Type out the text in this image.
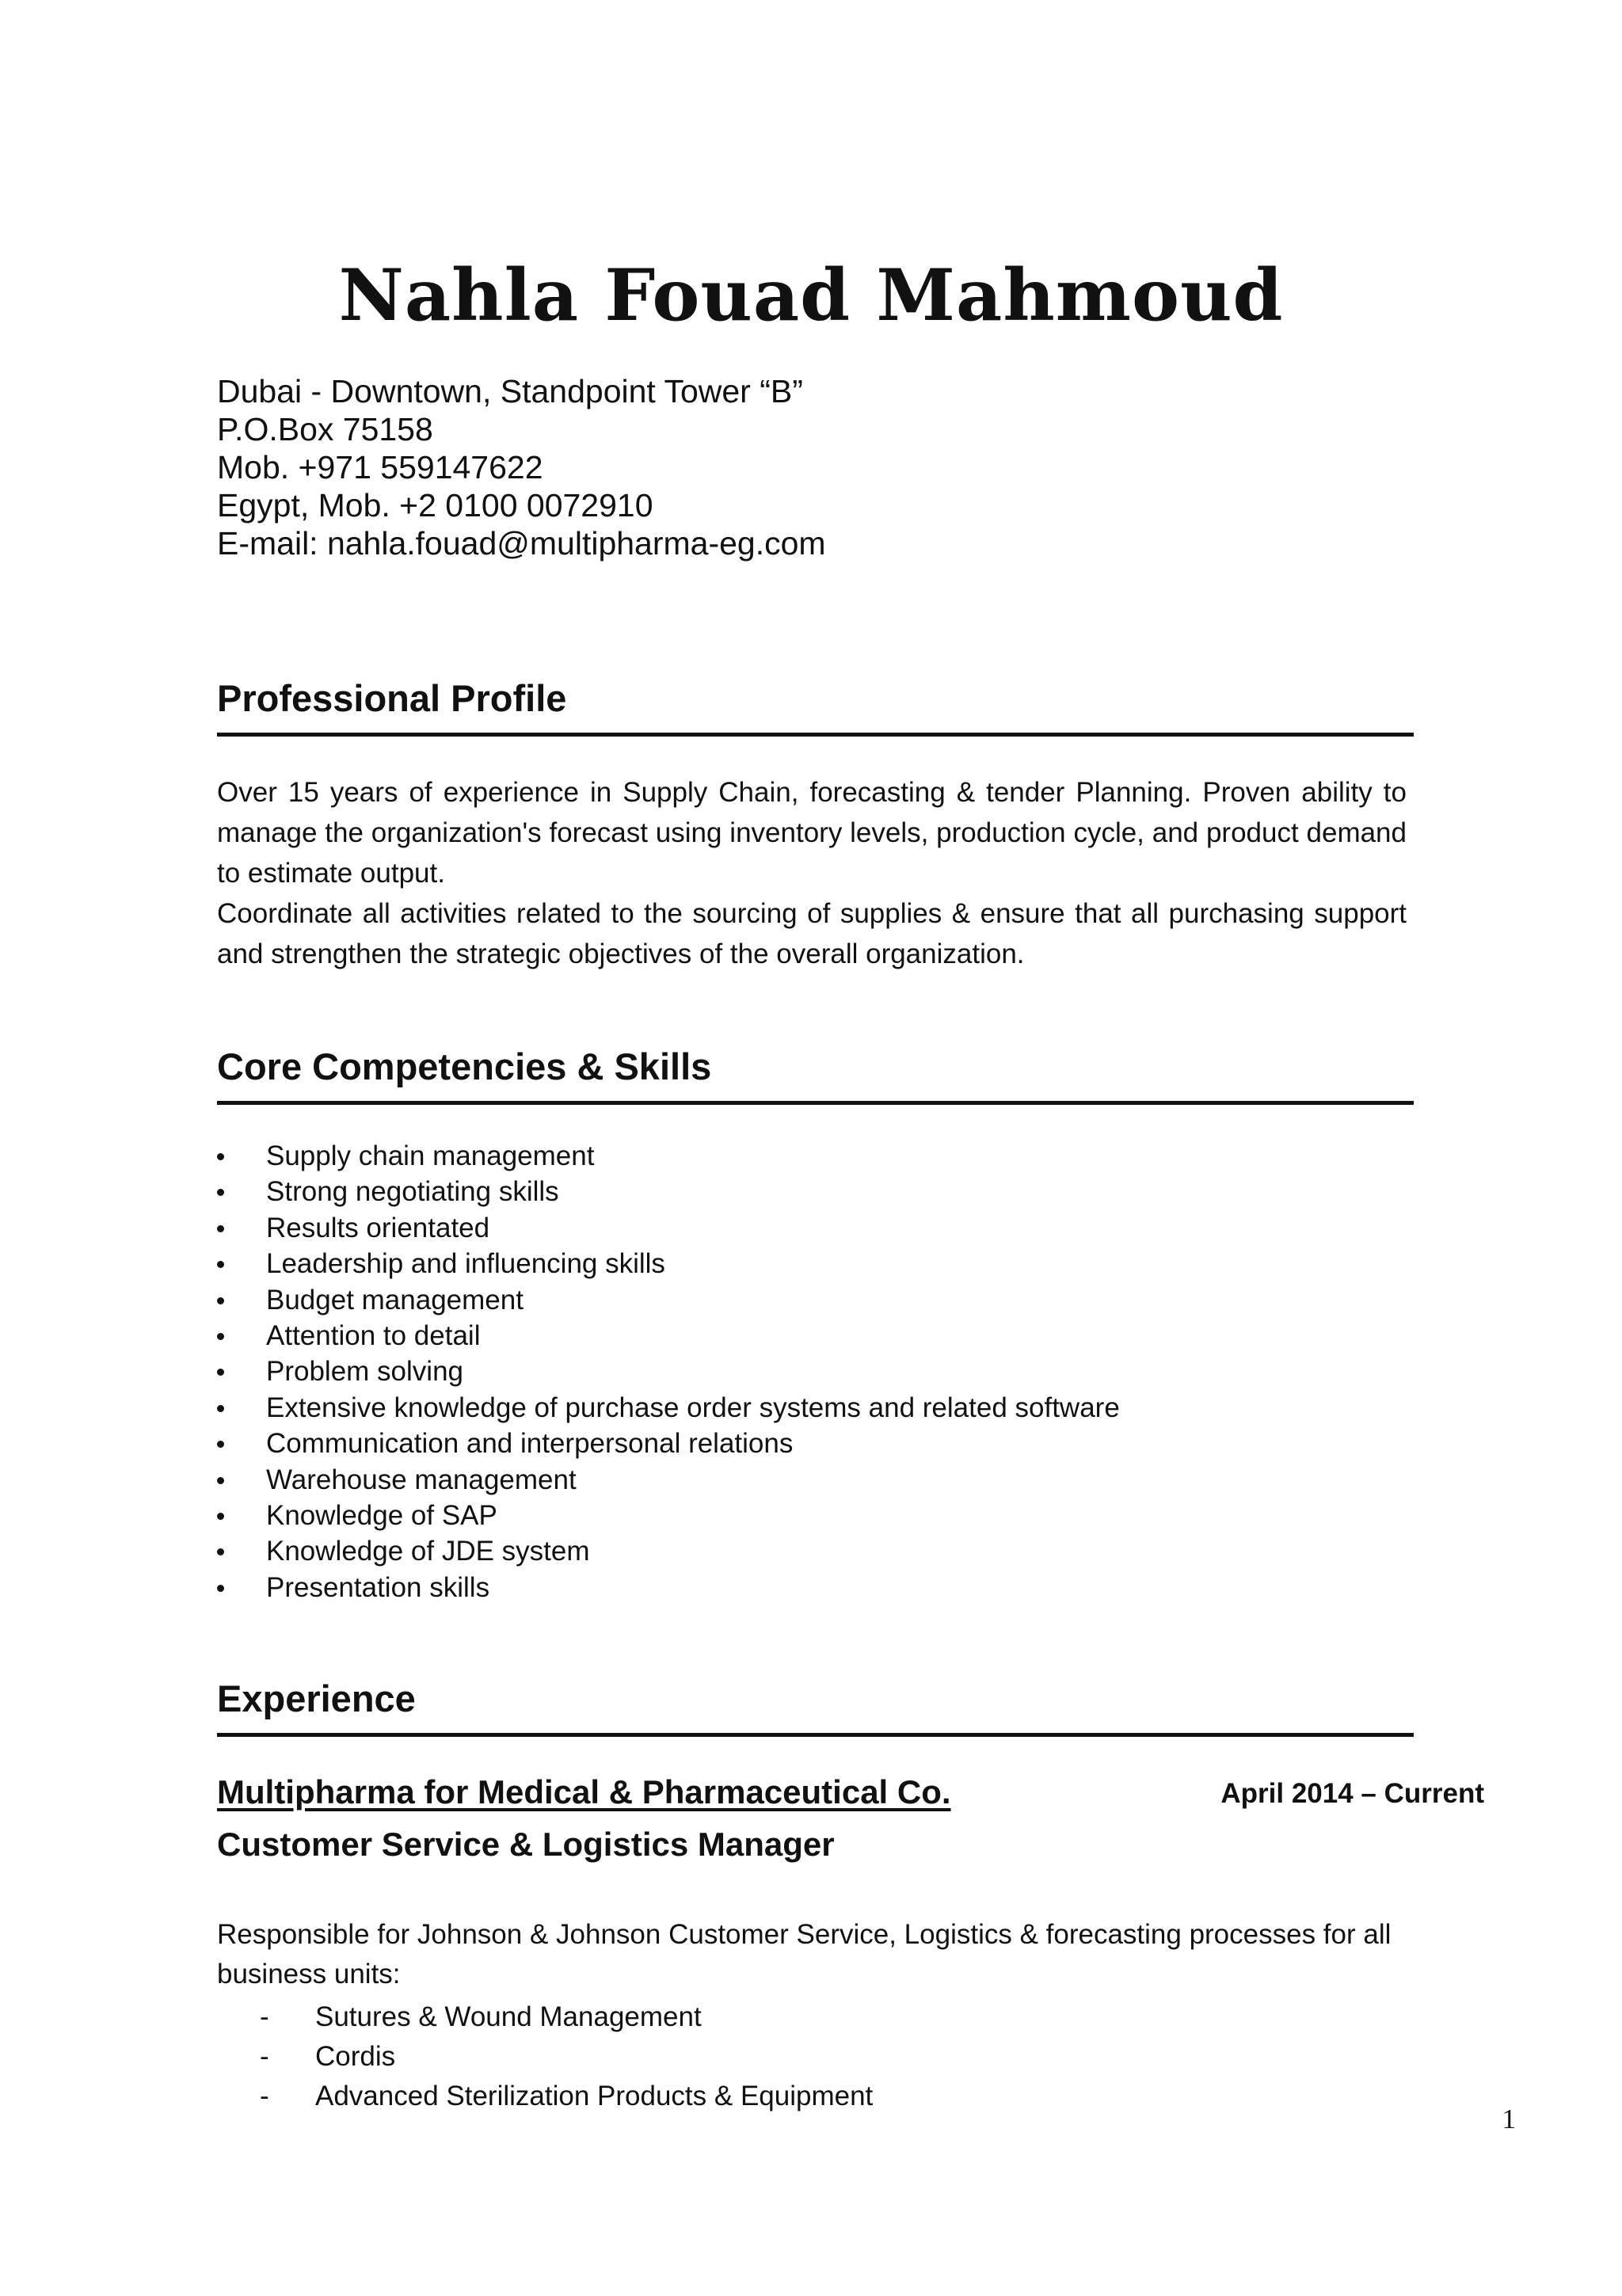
Nahla Fouad Mahmoud
Dubai - Downtown, Standpoint Tower “B”
P.O.Box 75158
Mob. +971 559147622
Egypt, Mob. +2 0100 0072910
E-mail: nahla.fouad@multipharma-eg.com
Professional Profile

Over 15 years of experience in Supply Chain, forecasting & tender Planning. Proven ability to manage the organization's forecast using inventory levels, production cycle, and product demand to estimate output.

Coordinate all activities related to the sourcing of supplies & ensure that all purchasing support and strengthen the strategic objectives of the overall organization.

Core Competencies & Skills
Supply chain management
Strong negotiating skills
Results orientated
Leadership and influencing skills
Budget management
Attention to detail
Problem solving
Extensive knowledge of purchase order systems and related software
Communication and interpersonal relations
Warehouse management
Knowledge of SAP
Knowledge of JDE system
Presentation skills
Experience
Multipharma for Medical & Pharmaceutical Co.	April 2014 – Current
Customer Service & Logistics Manager

Responsible for Johnson & Johnson Customer Service, Logistics & forecasting processes for all business units:

- Sutures & Wound Management
- Cordis
- Advanced Sterilization Products & Equipment
1
